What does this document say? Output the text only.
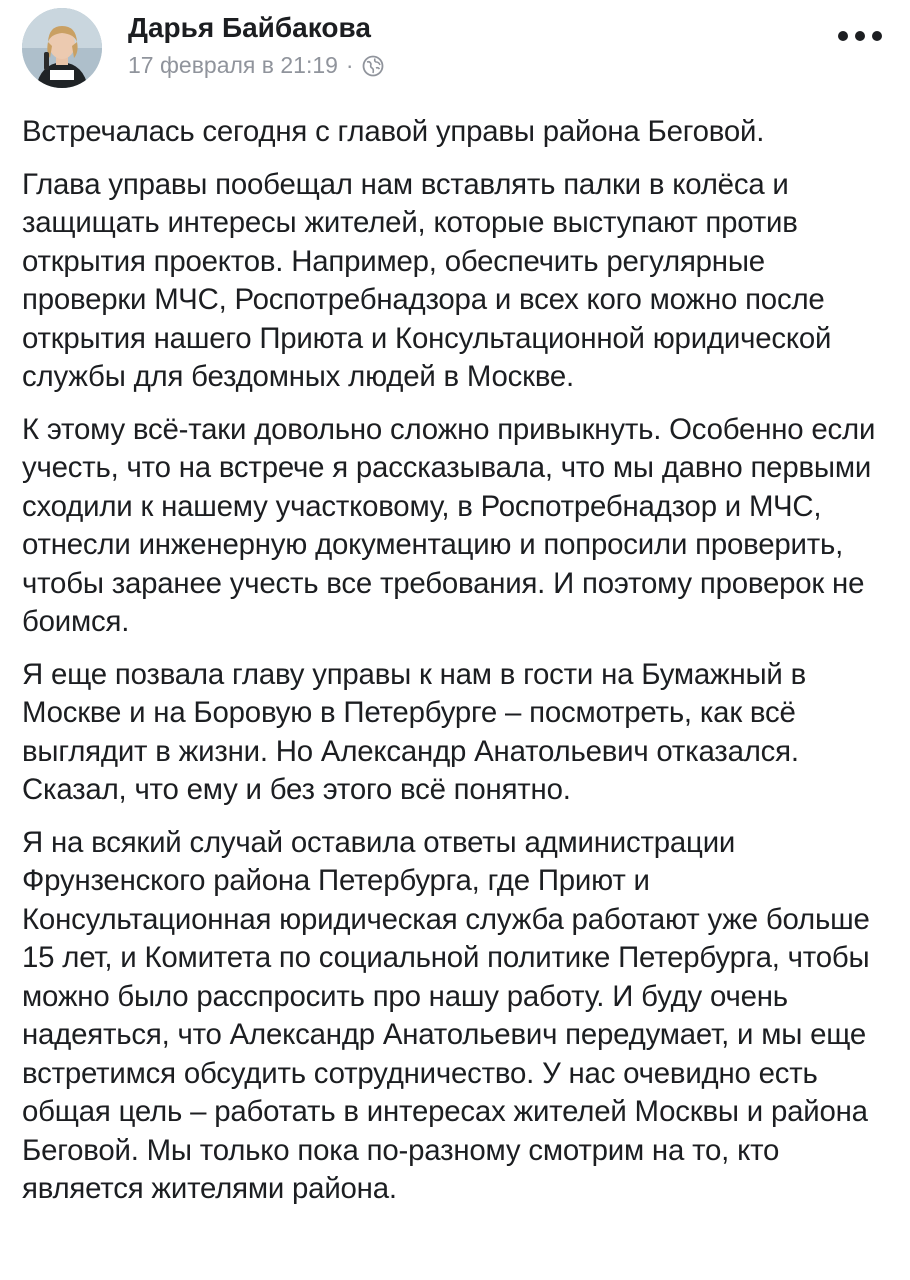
Дарья Байбакова
17 февраля в 21:19 ·

Встречалась сегодня с главой управы района Беговой.

Глава управы пообещал нам вставлять палки в колёса и защищать интересы жителей, которые выступают против открытия проектов. Например, обеспечить регулярные проверки МЧС, Роспотребнадзора и всех кого можно после открытия нашего Приюта и Консультационной юридической службы для бездомных людей в Москве.

К этому всё-таки довольно сложно привыкнуть. Особенно если учесть, что на встрече я рассказывала, что мы давно первыми сходили к нашему участковому, в Роспотребнадзор и МЧС, отнесли инженерную документацию и попросили проверить, чтобы заранее учесть все требования. И поэтому проверок не боимся.

Я еще позвала главу управы к нам в гости на Бумажный в Москве и на Боровую в Петербурге – посмотреть, как всё выглядит в жизни. Но Александр Анатольевич отказался. Сказал, что ему и без этого всё понятно.

Я на всякий случай оставила ответы администрации Фрунзенского района Петербурга, где Приют и Консультационная юридическая служба работают уже больше 15 лет, и Комитета по социальной политике Петербурга, чтобы можно было расспросить про нашу работу. И буду очень надеяться, что Александр Анатольевич передумает, и мы еще встретимся обсудить сотрудничество. У нас очевидно есть общая цель – работать в интересах жителей Москвы и района Беговой. Мы только пока по-разному смотрим на то, кто является жителями района.
